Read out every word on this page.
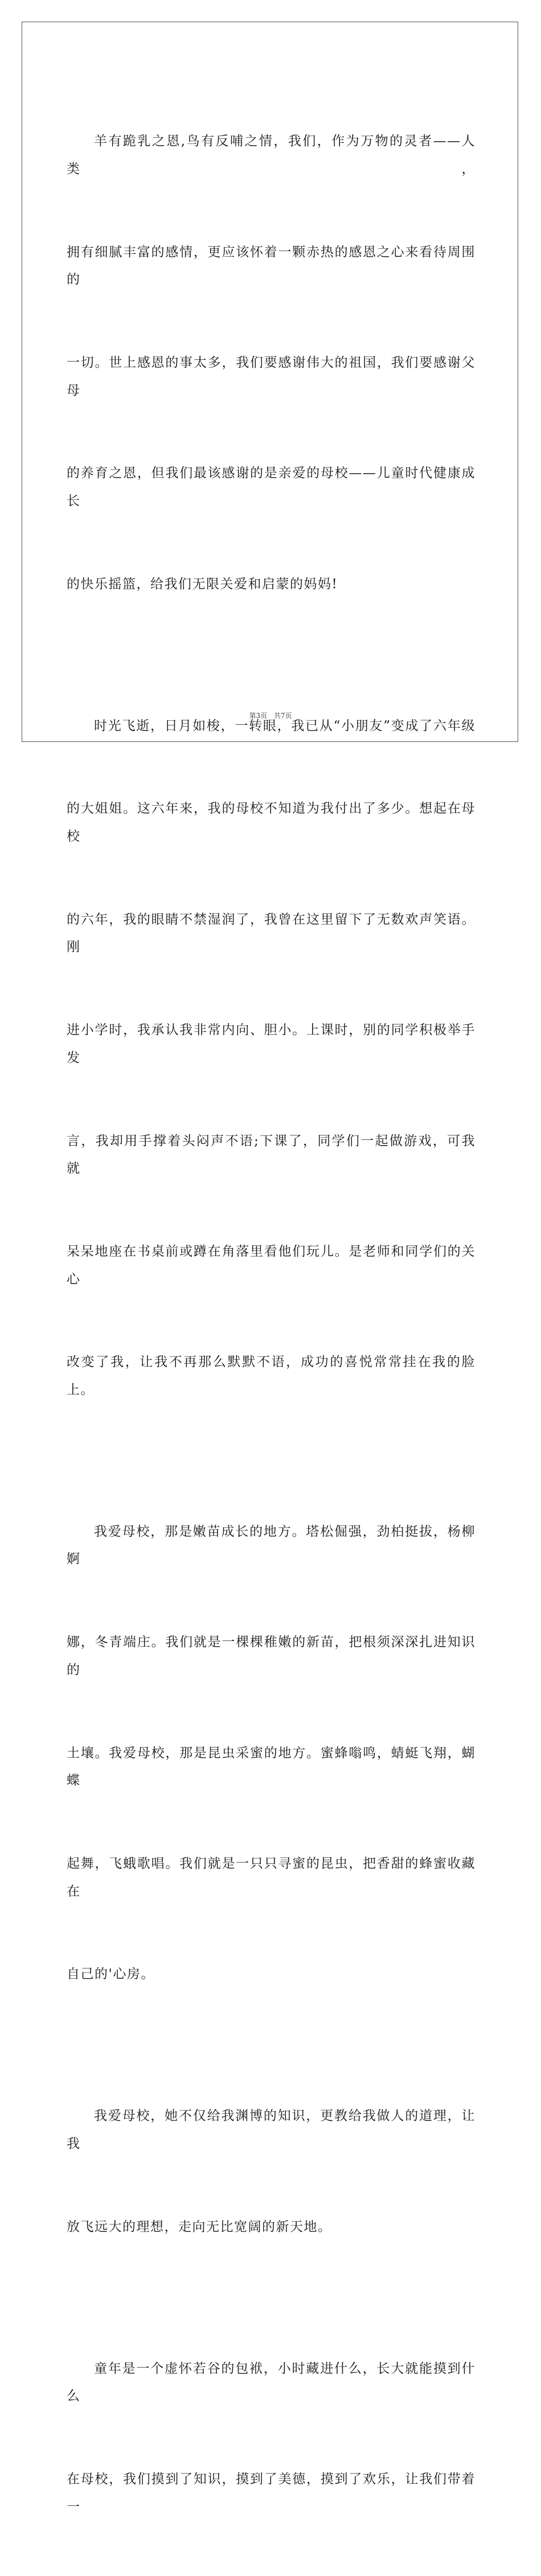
羊有跪乳之恩,鸟有反哺之情，我们，作为万物的灵者——人类，

拥有细腻丰富的感情，更应该怀着一颗赤热的感恩之心来看待周围的

一切。世上感恩的事太多，我们要感谢伟大的祖国，我们要感谢父母

的养育之恩，但我们最该感谢的是亲爱的母校——儿童时代健康成长

的快乐摇篮，给我们无限关爱和启蒙的妈妈!

时光飞逝，日月如梭，一转眼，我已从“小朋友”变成了六年级

的大姐姐。这六年来，我的母校不知道为我付出了多少。想起在母校

的六年，我的眼睛不禁湿润了，我曾在这里留下了无数欢声笑语。刚

进小学时，我承认我非常内向、胆小。上课时，别的同学积极举手发

言，我却用手撑着头闷声不语;下课了，同学们一起做游戏，可我就

呆呆地座在书桌前或蹲在角落里看他们玩儿。是老师和同学们的关心

改变了我，让我不再那么默默不语，成功的喜悦常常挂在我的脸上。

我爱母校，那是嫩苗成长的地方。塔松倔强，劲柏挺拔，杨柳婀

娜，冬青端庄。我们就是一棵棵稚嫩的新苗，把根须深深扎进知识的

土壤。我爱母校，那是昆虫采蜜的地方。蜜蜂嗡鸣，蜻蜓飞翔，蝴蝶

起舞，飞蛾歌唱。我们就是一只只寻蜜的昆虫，把香甜的蜂蜜收藏在

自己的'心房。

我爱母校，她不仅给我渊博的知识，更教给我做人的道理，让我

放飞远大的理想，走向无比宽阔的新天地。

童年是一个虚怀若谷的包袱，小时藏进什么，长大就能摸到什么

在母校，我们摸到了知识，摸到了美德，摸到了欢乐，让我们带着一

第3页 共7页
